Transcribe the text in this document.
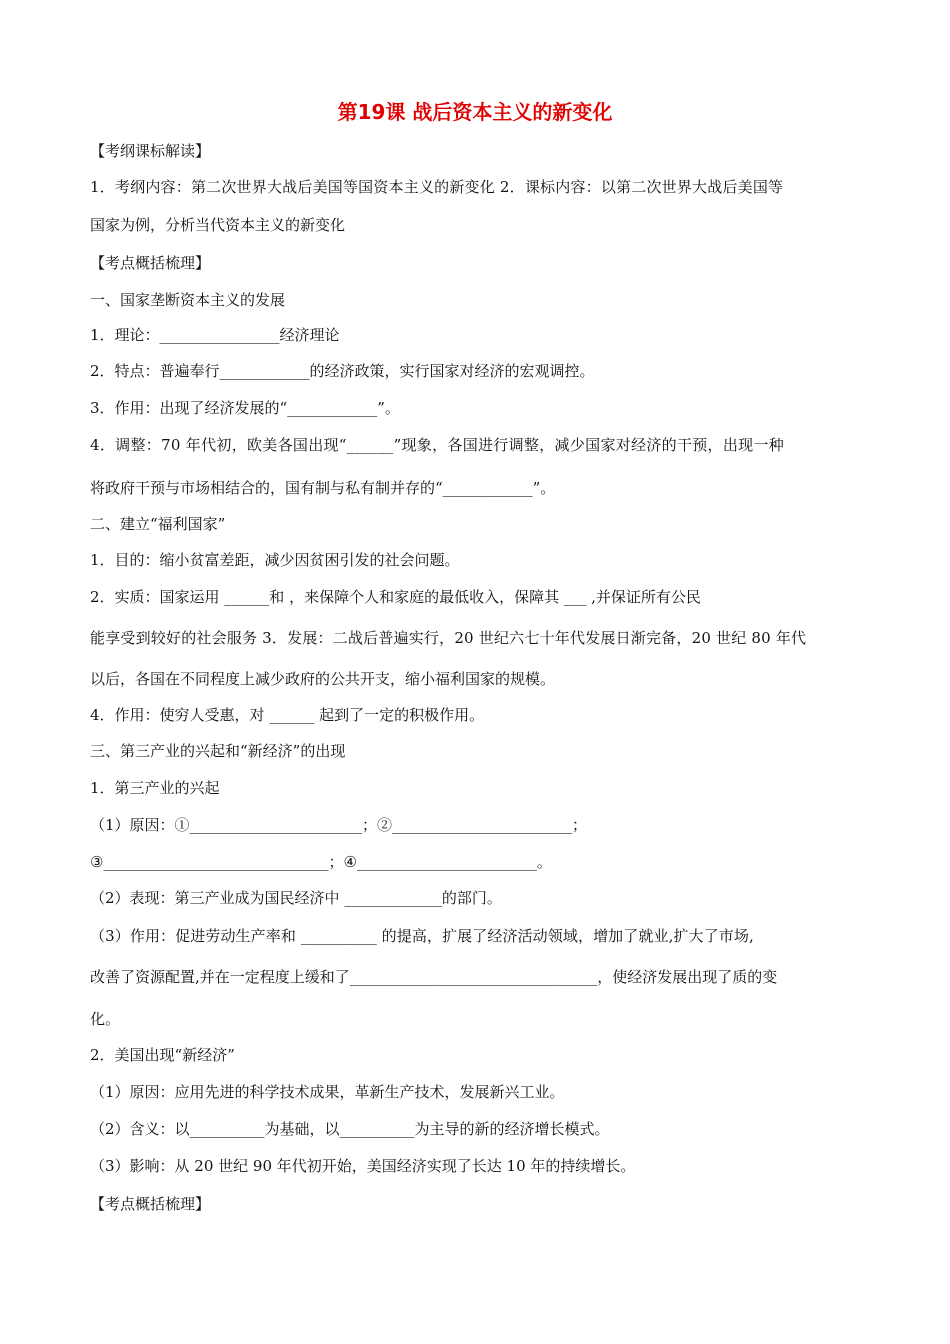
第19课 战后资本主义的新变化
【考纲课标解读】
1．考纲内容：第二次世界大战后美国等国资本主义的新变化 2．课标内容：以第二次世界大战后美国等
国家为例，分析当代资本主义的新变化
【考点概括梳理】
一、国家垄断资本主义的发展
1．理论：________________经济理论
2．特点：普遍奉行____________的经济政策，实行国家对经济的宏观调控。
3．作用：出现了经济发展的“____________”。
4．调整：70 年代初，欧美各国出现“______”现象，各国进行调整，减少国家对经济的干预，出现一种
将政府干预与市场相结合的，国有制与私有制并存的“____________”。
二、建立“福利国家”
1．目的：缩小贫富差距，减少因贫困引发的社会问题。
2．实质：国家运用 ______和 ，来保障个人和家庭的最低收入，保障其 ___ ,并保证所有公民
能享受到较好的社会服务 3．发展：二战后普遍实行，20 世纪六七十年代发展日渐完备，20 世纪 80 年代
以后，各国在不同程度上减少政府的公共开支，缩小福利国家的规模。
4．作用：使穷人受惠，对 ______ 起到了一定的积极作用。
三、第三产业的兴起和“新经济”的出现
1．第三产业的兴起
（1）原因：①_______________________；②________________________；
③______________________________；④________________________。
（2）表现：第三产业成为国民经济中 _____________的部门。
（3）作用：促进劳动生产率和 __________ 的提高，扩展了经济活动领域，增加了就业,扩大了市场,
改善了资源配置,并在一定程度上缓和了_________________________________，使经济发展出现了质的变
化。
2．美国出现“新经济”
（1）原因：应用先进的科学技术成果，革新生产技术，发展新兴工业。
（2）含义：以__________为基础，以__________为主导的新的经济增长模式。
（3）影响：从 20 世纪 90 年代初开始，美国经济实现了长达 10 年的持续增长。
【考点概括梳理】
